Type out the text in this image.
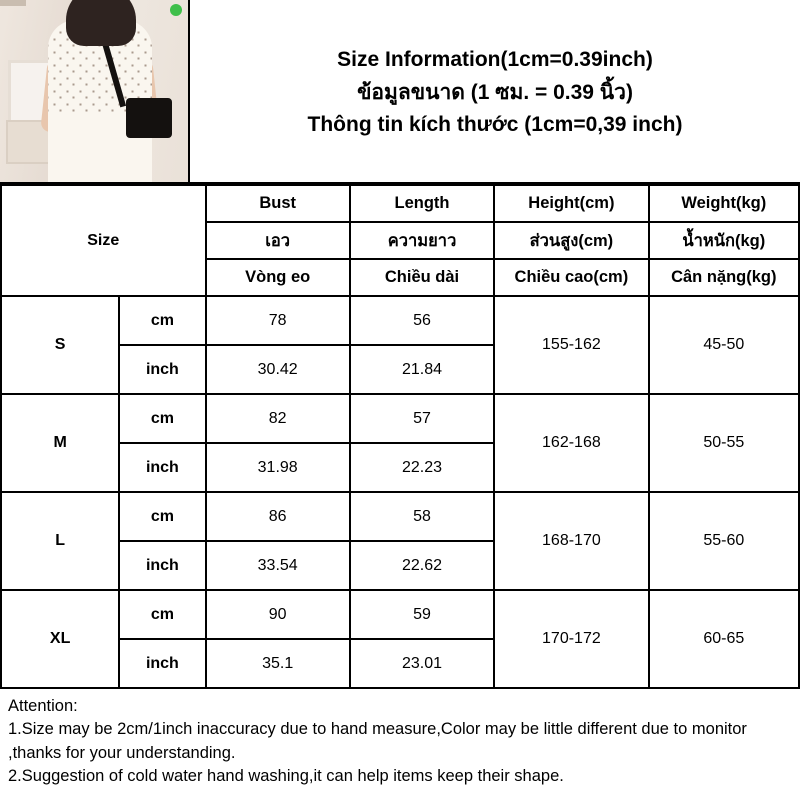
Size Information(1cm=0.39inch)
ข้อมูลขนาด (1 ซม. = 0.39 นิ้ว)
Thông tin kích thước (1cm=0,39 inch)
Size		Bust	Length	Height(cm)	Weight(kg)
		เอว	ความยาว	ส่วนสูง(cm)	น้ำหนัก(kg)
		Vòng eo	Chiều dài	Chiều cao(cm)	Cân nặng(kg)
S	cm	78	56	155-162	45-50
	inch	30.42	21.84		
M	cm	82	57	162-168	50-55
	inch	31.98	22.23		
L	cm	86	58	168-170	55-60
	inch	33.54	22.62		
XL	cm	90	59	170-172	60-65
	inch	35.1	23.01		
Attention:
1.Size may be 2cm/1inch inaccuracy due to hand measure,Color may be little different due to monitor ,thanks for your understanding.
2.Suggestion of cold water hand washing,it can help items keep their shape.
